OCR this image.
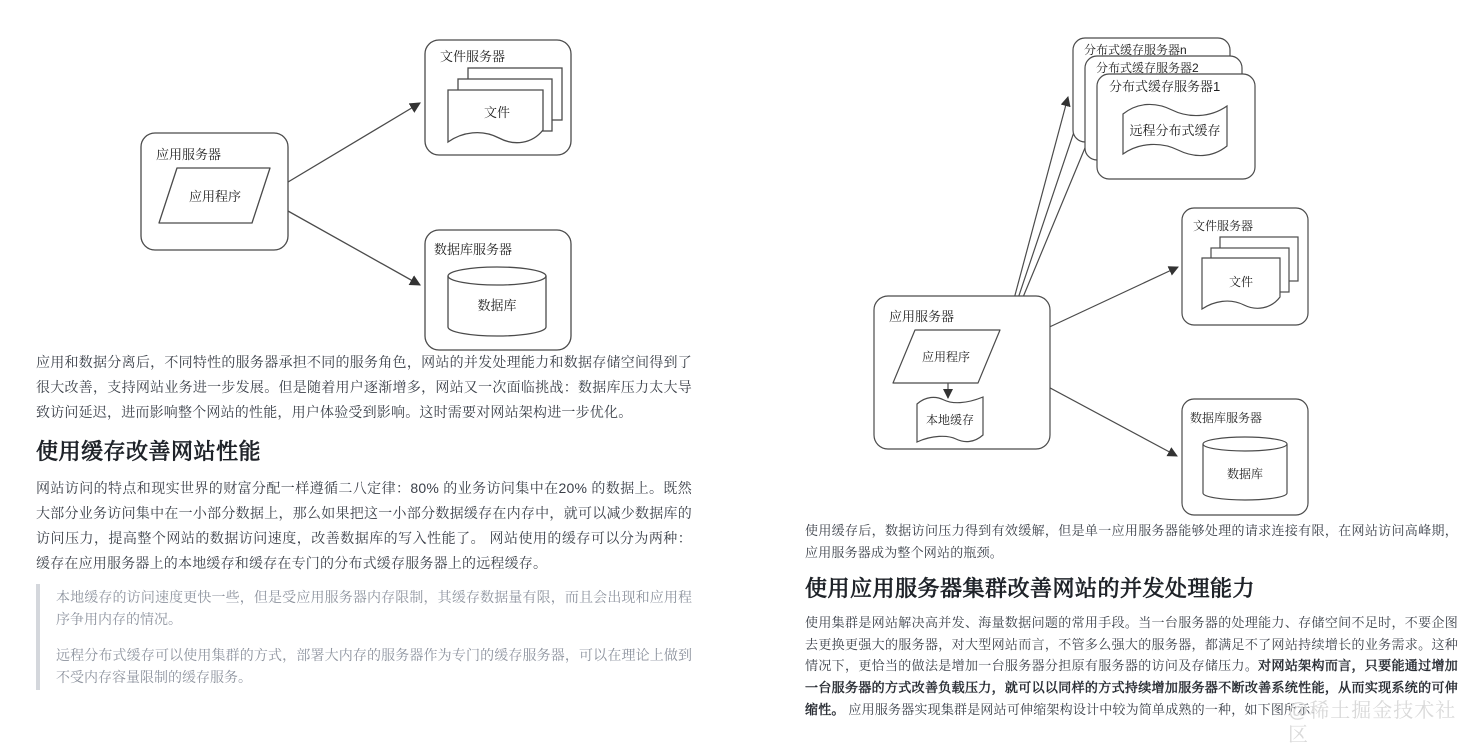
应用服务器
应用程序
文件服务器
文件
数据库服务器
数据库
分布式缓存服务器n
分布式缓存服务器2
分布式缓存服务器1
远程分布式缓存
应用服务器
应用程序
本地缓存
文件服务器
文件
数据库服务器
数据库

应用和数据分离后，不同特性的服务器承担不同的服务角色，网站的并发处理能力和数据存储空间得到了很大改善，支持网站业务进一步发展。但是随着用户逐渐增多，网站又一次面临挑战：数据库压力太大导致访问延迟，进而影响整个网站的性能，用户体验受到影响。这时需要对网站架构进一步优化。

使用缓存改善网站性能

网站访问的特点和现实世界的财富分配一样遵循二八定律：80% 的业务访问集中在20% 的数据上。既然大部分业务访问集中在一小部分数据上，那么如果把这一小部分数据缓存在内存中，就可以减少数据库的访问压力，提高整个网站的数据访问速度，改善数据库的写入性能了。 网站使用的缓存可以分为两种：缓存在应用服务器上的本地缓存和缓存在专门的分布式缓存服务器上的远程缓存。

本地缓存的访问速度更快一些，但是受应用服务器内存限制，其缓存数据量有限，而且会出现和应用程序争用内存的情况。

远程分布式缓存可以使用集群的方式，部署大内存的服务器作为专门的缓存服务器，可以在理论上做到不受内存容量限制的缓存服务。

使用缓存后，数据访问压力得到有效缓解，但是单一应用服务器能够处理的请求连接有限，在网站访问高峰期，应用服务器成为整个网站的瓶颈。

使用应用服务器集群改善网站的并发处理能力

使用集群是网站解决高并发、海量数据问题的常用手段。当一台服务器的处理能力、存储空间不足时，不要企图去更换更强大的服务器，对大型网站而言，不管多么强大的服务器，都满足不了网站持续增长的业务需求。这种情况下，更恰当的做法是增加一台服务器分担原有服务器的访问及存储压力。对网站架构而言，只要能通过增加一台服务器的方式改善负载压力，就可以以同样的方式持续增加服务器不断改善系统性能，从而实现系统的可伸缩性。 应用服务器实现集群是网站可伸缩架构设计中较为简单成熟的一种，如下图所示：

@稀土掘金技术社区
